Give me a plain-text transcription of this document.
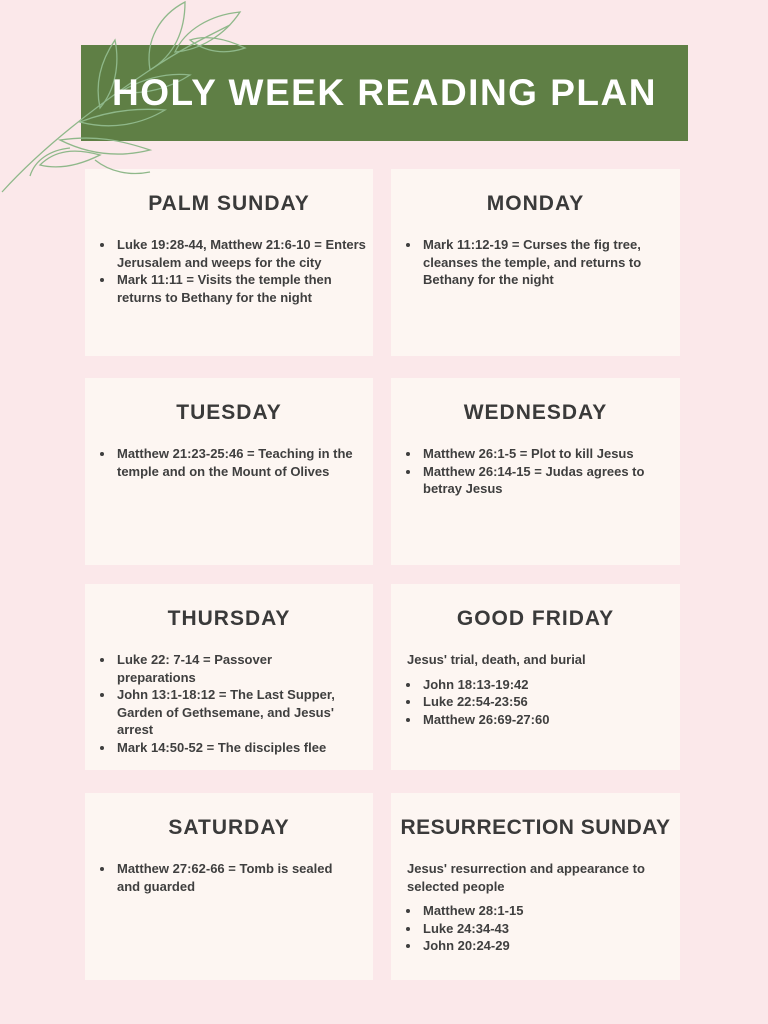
HOLY WEEK READING PLAN
PALM SUNDAY
• Luke 19:28-44, Matthew 21:6-10 = Enters Jerusalem and weeps for the city
• Mark 11:11 = Visits the temple then returns to Bethany for the night
MONDAY
• Mark 11:12-19 = Curses the fig tree, cleanses the temple, and returns to Bethany for the night
TUESDAY
• Matthew 21:23-25:46 = Teaching in the temple and on the Mount of Olives
WEDNESDAY
• Matthew 26:1-5 = Plot to kill Jesus
• Matthew 26:14-15 = Judas agrees to betray Jesus
THURSDAY
• Luke 22: 7-14 = Passover preparations
• John 13:1-18:12 = The Last Supper, Garden of Gethsemane, and Jesus' arrest
• Mark 14:50-52 = The disciples flee
GOOD FRIDAY

Jesus' trial, death, and burial

• John 18:13-19:42
• Luke 22:54-23:56
• Matthew 26:69-27:60
SATURDAY
• Matthew 27:62-66 = Tomb is sealed and guarded
RESURRECTION SUNDAY

Jesus' resurrection and appearance to selected people

• Matthew 28:1-15
• Luke 24:34-43
• John 20:24-29
